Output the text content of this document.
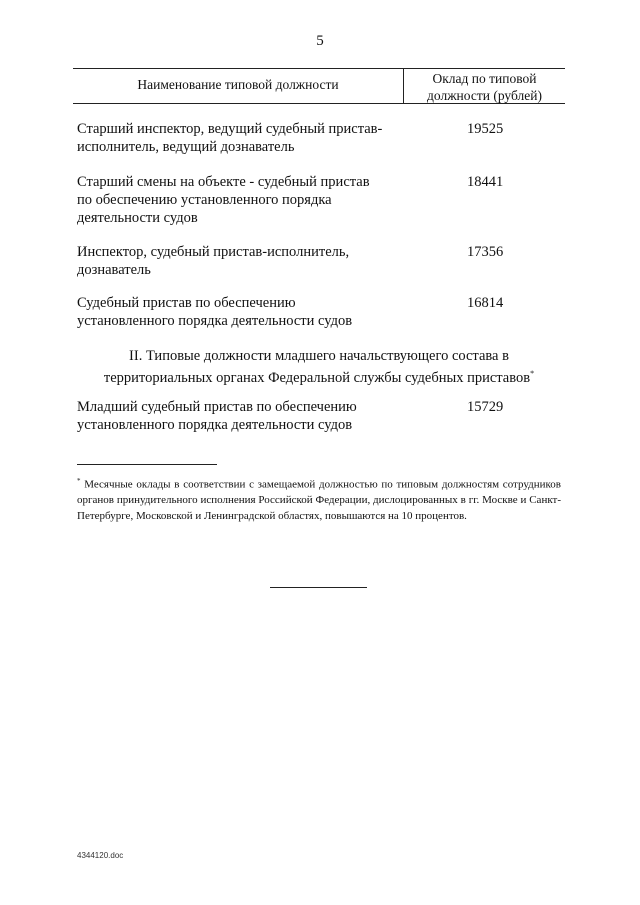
5
Наименование типовой должности	Оклад по типовой
должности (рублей)
Старший инспектор, ведущий судебный пристав-
исполнитель, ведущий дознаватель
19525
Старший смены на объекте - судебный пристав
по обеспечению установленного порядка
деятельности судов
18441
Инспектор, судебный пристав-исполнитель,
дознаватель
17356
Судебный пристав по обеспечению
установленного порядка деятельности судов
16814
II. Типовые должности младшего начальствующего состава в
территориальных органах Федеральной службы судебных приставов*
Младший судебный пристав по обеспечению
установленного порядка деятельности судов
15729
* Месячные оклады в соответствии с замещаемой должностью по типовым должностям сотрудников органов принудительного исполнения Российской Федерации, дислоцированных в гг. Москве и Санкт-Петербурге, Московской и Ленинградской областях, повышаются на 10 процентов.
4344120.doc
